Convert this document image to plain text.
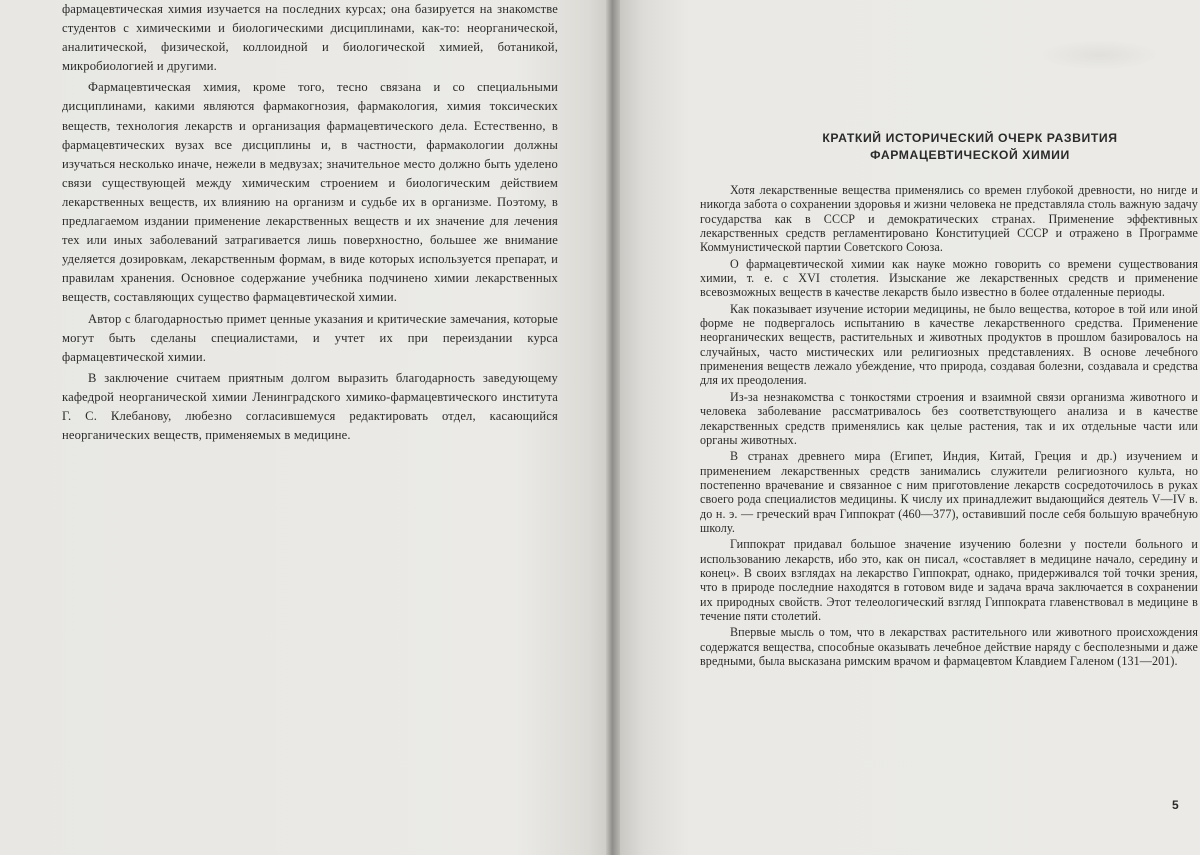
фармацевтическая химия изучается на последних курсах; она базируется на знакомстве студентов с химическими и биологическими дисциплинами, как-то: неорганической, аналитической, физической, коллоидной и биологической химией, ботаникой, микробиологией и другими.

Фармацевтическая химия, кроме того, тесно связана и со специальными дисциплинами, какими являются фармакогнозия, фармакология, химия токсических веществ, технология лекарств и организация фармацевтического дела. Естественно, в фармацевтических вузах все дисциплины и, в частности, фармакологии должны изучаться несколько иначе, нежели в медвузах; значительное место должно быть уделено связи существующей между химическим строением и биологическим действием лекарственных веществ, их влиянию на организм и судьбе их в организме. Поэтому, в предлагаемом издании применение лекарственных веществ и их значение для лечения тех или иных заболеваний затрагивается лишь поверхностно, большее же внимание уделяется дозировкам, лекарственным формам, в виде которых используется препарат, и правилам хранения. Основное содержание учебника подчинено химии лекарственных веществ, составляющих существо фармацевтической химии.

Автор с благодарностью примет ценные указания и критические замечания, которые могут быть сделаны специалистами, и учтет их при переиздании курса фармацевтической химии.

В заключение считаем приятным долгом выразить благодарность заведующему кафедрой неорганической химии Ленинградского химико-фармацевтического института Г. С. Клебанову, любезно согласившемуся редактировать отдел, касающийся неорганических веществ, применяемых в медицине.

КРАТКИЙ ИСТОРИЧЕСКИЙ ОЧЕРК РАЗВИТИЯ
ФАРМАЦЕВТИЧЕСКОЙ ХИМИИ

Хотя лекарственные вещества применялись со времен глубокой древности, но нигде и никогда забота о сохранении здоровья и жизни человека не представляла столь важную задачу государства как в СССР и демократических странах. Применение эффективных лекарственных средств регламентировано Конституцией СССР и отражено в Программе Коммунистической партии Советского Союза.

О фармацевтической химии как науке можно говорить со времени существования химии, т. е. с XVI столетия. Изыскание же лекарственных средств и применение всевозможных веществ в качестве лекарств было известно в более отдаленные периоды.

Как показывает изучение истории медицины, не было вещества, которое в той или иной форме не подвергалось испытанию в качестве лекарственного средства. Применение неорганических веществ, растительных и животных продуктов в прошлом базировалось на случайных, часто мистических или религиозных представлениях. В основе лечебного применения веществ лежало убеждение, что природа, создавая болезни, создавала и средства для их преодоления.

Из-за незнакомства с тонкостями строения и взаимной связи организма животного и человека заболевание рассматривалось без соответствующего анализа и в качестве лекарственных средств применялись как целые растения, так и их отдельные части или органы животных.

В странах древнего мира (Египет, Индия, Китай, Греция и др.) изучением и применением лекарственных средств занимались служители религиозного культа, но постепенно врачевание и связанное с ним приготовление лекарств сосредоточилось в руках своего рода специалистов медицины. К числу их принадлежит выдающийся деятель V—IV в. до н. э. — греческий врач Гиппократ (460—377), оставивший после себя большую врачебную школу.

Гиппократ придавал большое значение изучению болезни у постели больного и использованию лекарств, ибо это, как он писал, «составляет в медицине начало, середину и конец». В своих взглядах на лекарство Гиппократ, однако, придерживался той точки зрения, что в природе последние находятся в готовом виде и задача врача заключается в сохранении их природных свойств. Этот телеологический взгляд Гиппократа главенствовал в медицине в течение пяти столетий.

Впервые мысль о том, что в лекарствах растительного или животного происхождения содержатся вещества, способные оказывать лечебное действие наряду с бесполезными и даже вредными, была высказана римским врачом и фармацевтом Клавдием Галеном (131—201).

5
